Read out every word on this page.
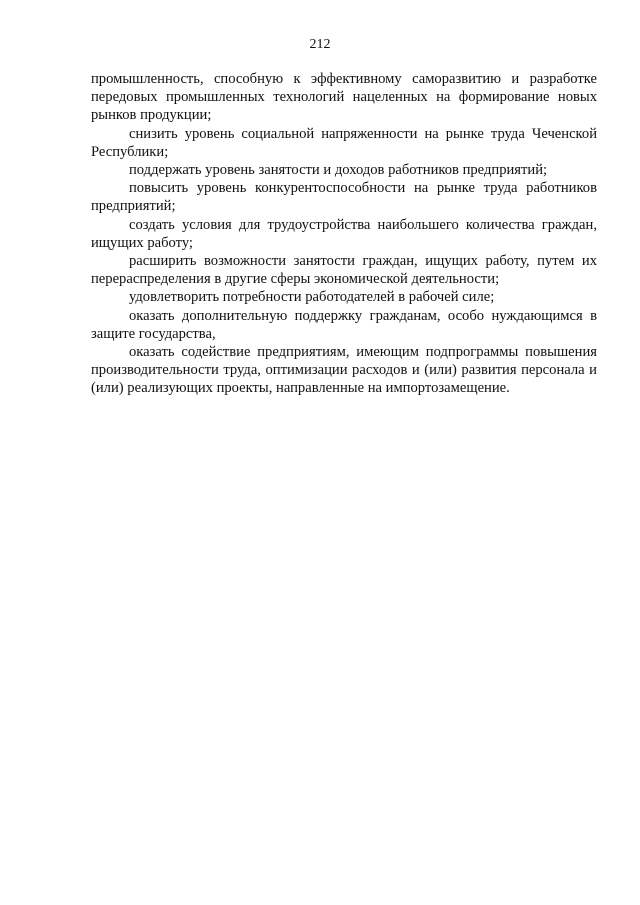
212

промышленность, способную к эффективному саморазвитию и разработке передовых промышленных технологий нацеленных на формирование новых рынков продукции;

снизить уровень социальной напряженности на рынке труда Чеченской Республики;

поддержать уровень занятости и доходов работников предприятий;

повысить уровень конкурентоспособности на рынке труда работников предприятий;

создать условия для трудоустройства наибольшего количества граждан, ищущих работу;

расширить возможности занятости граждан, ищущих работу, путем их перераспределения в другие сферы экономической деятельности;

удовлетворить потребности работодателей в рабочей силе;

оказать дополнительную поддержку гражданам, особо нуждающимся в защите государства,

оказать содействие предприятиям, имеющим подпрограммы повышения производительности труда, оптимизации расходов и (или) развития персонала и (или) реализующих проекты, направленные на импортозамещение.
